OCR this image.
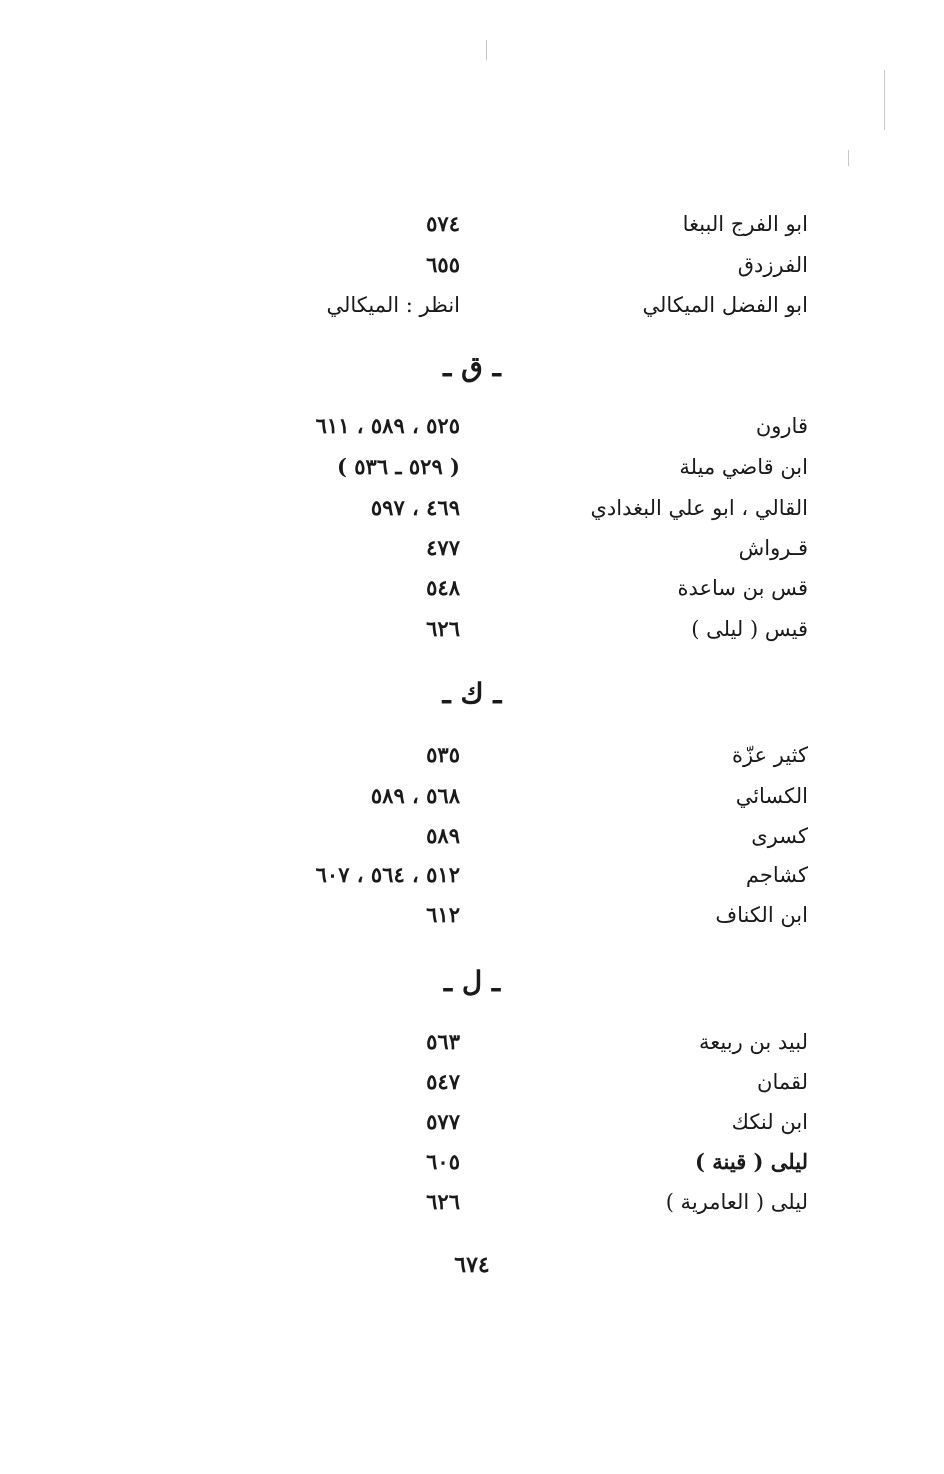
ابو الفرج الببغا
٥٧٤
الفرزدق
٦٥٥
ابو الفضل الميكالي
انظر : الميكالي
ـ ق ـ
قارون
٥٢٥ ، ٥٨٩ ، ٦١١
ابن قاضي ميلة
( ٥٢٩ ـ ٥٣٦ )
القالي ، ابو علي البغدادي
٤٦٩ ، ٥٩٧
قـرواش
٤٧٧
قس بن ساعدة
٥٤٨
قيس ( ليلى )
٦٢٦
ـ ك ـ
كثير عزّة
٥٣٥
الكسائي
٥٦٨ ، ٥٨٩
كسرى
٥٨٩
كشاجم
٥١٢ ، ٥٦٤ ، ٦٠٧
ابن الكناف
٦١٢
ـ ل ـ
لبيد بن ربيعة
٥٦٣
لقمان
٥٤٧
ابن لنكك
٥٧٧
ليلى ( قينة )
٦٠٥
ليلى ( العامرية )
٦٢٦
٦٧٤
